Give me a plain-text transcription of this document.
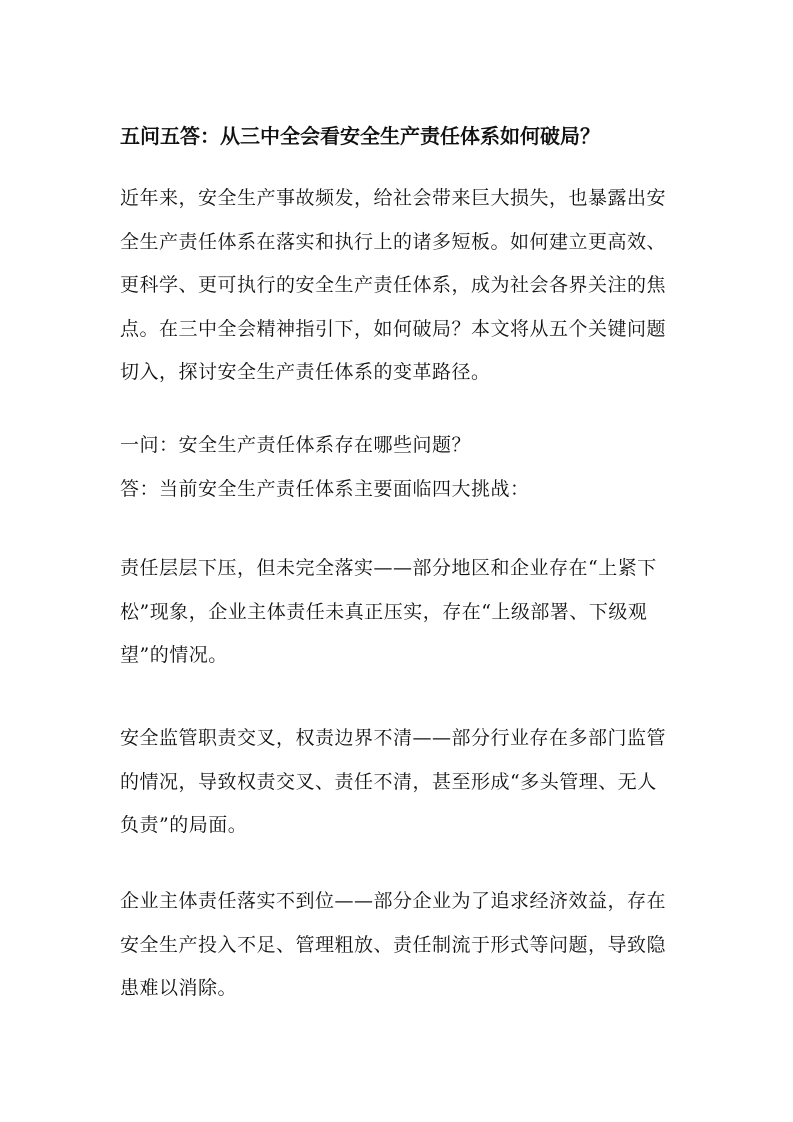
五问五答：从三中全会看安全生产责任体系如何破局？

近年来，安全生产事故频发，给社会带来巨大损失，也暴露出安全生产责任体系在落实和执行上的诸多短板。如何建立更高效、更科学、更可执行的安全生产责任体系，成为社会各界关注的焦点。在三中全会精神指引下，如何破局？本文将从五个关键问题切入，探讨安全生产责任体系的变革路径。

一问：安全生产责任体系存在哪些问题？
答：当前安全生产责任体系主要面临四大挑战：

责任层层下压，但未完全落实——部分地区和企业存在“上紧下松”现象，企业主体责任未真正压实，存在“上级部署、下级观望”的情况。

安全监管职责交叉，权责边界不清——部分行业存在多部门监管的情况，导致权责交叉、责任不清，甚至形成“多头管理、无人负责”的局面。

企业主体责任落实不到位——部分企业为了追求经济效益，存在安全生产投入不足、管理粗放、责任制流于形式等问题，导致隐患难以消除。
